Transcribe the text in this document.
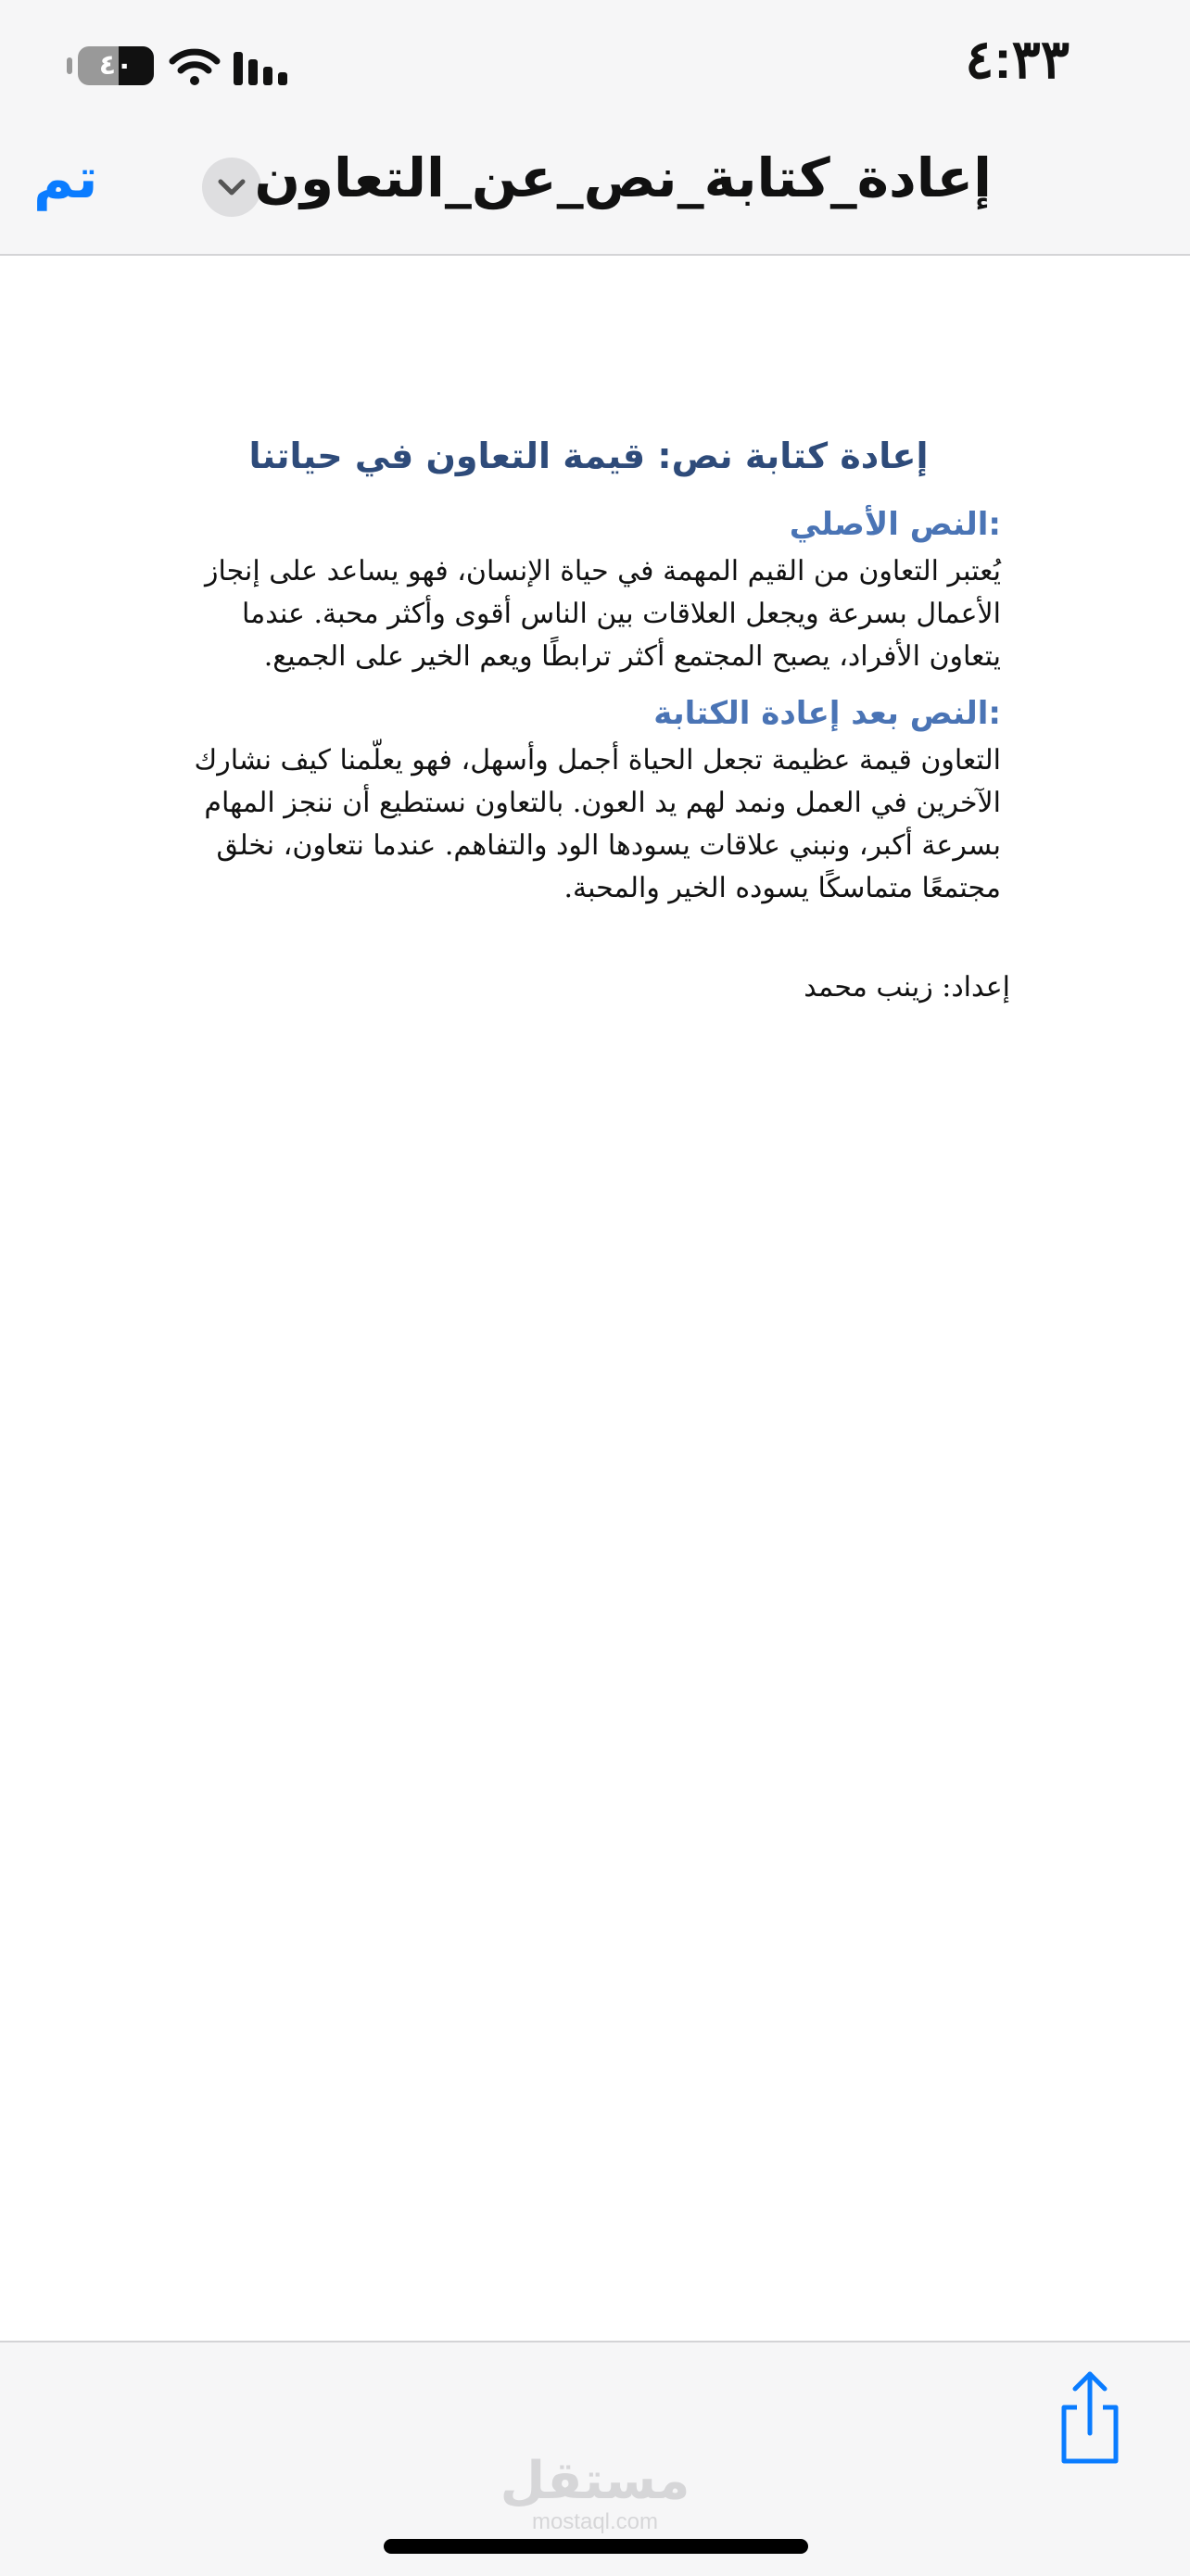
٤٠	٤:٣٣
تم	إعادة_كتابة_نص_عن_التعاون
إعادة كتابة نص: قيمة التعاون في حياتنا
:النص الأصلي
يُعتبر التعاون من القيم المهمة في حياة الإنسان، فهو يساعد على إنجاز الأعمال بسرعة ويجعل العلاقات بين الناس أقوى وأكثر محبة. عندما يتعاون الأفراد، يصبح المجتمع أكثر ترابطًا ويعم الخير على الجميع.
:النص بعد إعادة الكتابة
التعاون قيمة عظيمة تجعل الحياة أجمل وأسهل، فهو يعلّمنا كيف نشارك الآخرين في العمل ونمد لهم يد العون. بالتعاون نستطيع أن ننجز المهام بسرعة أكبر، ونبني علاقات يسودها الود والتفاهم. عندما نتعاون، نخلق مجتمعًا متماسكًا يسوده الخير والمحبة.
إعداد: زينب محمد
مستقل
mostaql.com
